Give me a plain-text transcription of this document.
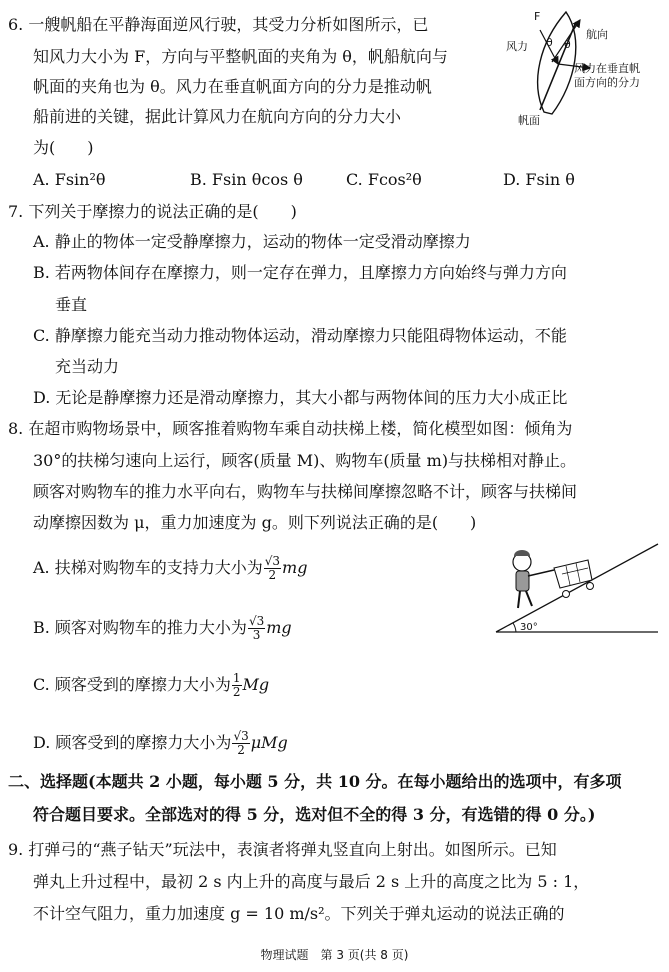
6. 一艘帆船在平静海面逆风行驶，其受力分析如图所示，已
知风力大小为 F，方向与平整帆面的夹角为 θ，帆船航向与
帆面的夹角也为 θ。风力在垂直帆面方向的分力是推动帆
船前进的关键，据此计算风力在航向方向的分力大小
为(　　)
A. Fsin²θ	B. Fsin θcos θ	C. Fcos²θ	D. Fsin θ
F
θ θ
风力
航向
风力在垂直帆
面方向的分力
帆面
7. 下列关于摩擦力的说法正确的是(　　)
A. 静止的物体一定受静摩擦力，运动的物体一定受滑动摩擦力
B. 若两物体间存在摩擦力，则一定存在弹力，且摩擦力方向始终与弹力方向
垂直
C. 静摩擦力能充当动力推动物体运动，滑动摩擦力只能阻碍物体运动，不能
充当动力
D. 无论是静摩擦力还是滑动摩擦力，其大小都与两物体间的压力大小成正比
8. 在超市购物场景中，顾客推着购物车乘自动扶梯上楼，简化模型如图：倾角为
30°的扶梯匀速向上运行，顾客(质量 M)、购物车(质量 m)与扶梯相对静止。
顾客对购物车的推力水平向右，购物车与扶梯间摩擦忽略不计，顾客与扶梯间
动摩擦因数为 μ，重力加速度为 g。则下列说法正确的是(　　)
A. 扶梯对购物车的支持力大小为 $\frac{√3}{2}$ mg
B. 顾客对购物车的推力大小为 $\frac{√3}{3}$ mg
C. 顾客受到的摩擦力大小为 $\frac{1}{2}$ Mg
D. 顾客受到的摩擦力大小为 $\frac{√3}{2}$ μMg
30°
二、选择题(本题共 2 小题，每小题 5 分，共 10 分。在每小题给出的选项中，有多项
符合题目要求。全部选对的得 5 分，选对但不全的得 3 分，有选错的得 0 分。)
9. 打弹弓的“燕子钻天”玩法中，表演者将弹丸竖直向上射出。如图所示。已知
弹丸上升过程中，最初 2 s 内上升的高度与最后 2 s 上升的高度之比为 5 : 1，
不计空气阻力，重力加速度 g = 10 m/s²。下列关于弹丸运动的说法正确的
物理试题　第 3 页(共 8 页)
